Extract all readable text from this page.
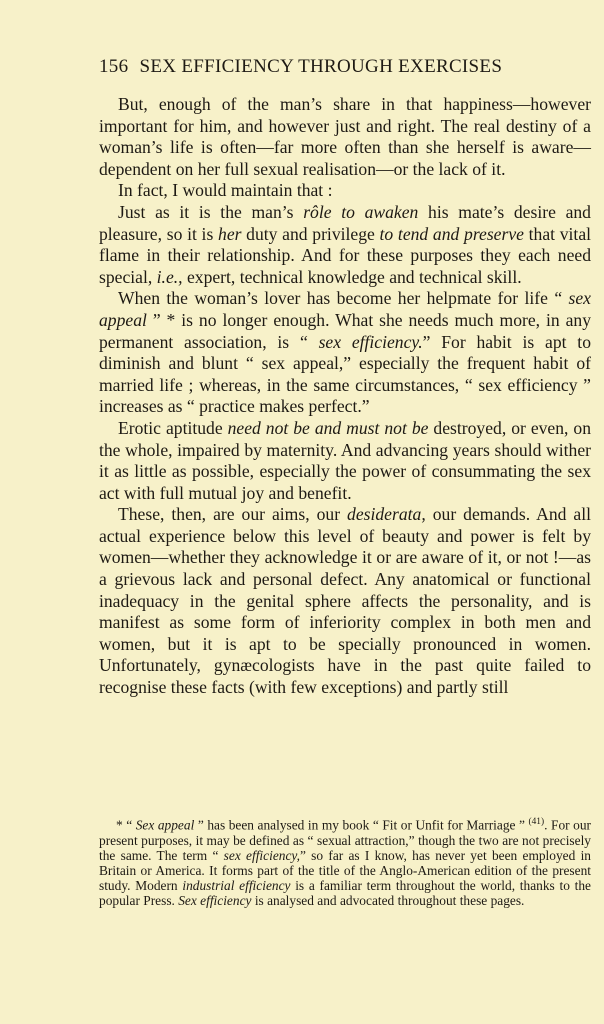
156 SEX EFFICIENCY THROUGH EXERCISES

But, enough of the man’s share in that happiness—however important for him, and however just and right. The real destiny of a woman’s life is often—far more often than she herself is aware—dependent on her full sexual realisation—or the lack of it.

In fact, I would maintain that :

Just as it is the man’s rôle to awaken his mate’s desire and pleasure, so it is her duty and privilege to tend and preserve that vital flame in their relationship. And for these purposes they each need special, i.e., expert, technical knowledge and technical skill.

When the woman’s lover has become her helpmate for life “ sex appeal ” * is no longer enough. What she needs much more, in any permanent association, is “ sex efficiency.” For habit is apt to diminish and blunt “ sex appeal,” especially the frequent habit of married life ; whereas, in the same circumstances, “ sex efficiency ” increases as “ practice makes perfect.”

Erotic aptitude need not be and must not be destroyed, or even, on the whole, impaired by maternity. And advancing years should wither it as little as possible, especially the power of consummating the sex act with full mutual joy and benefit.

These, then, are our aims, our desiderata, our demands. And all actual experience below this level of beauty and power is felt by women—whether they acknowledge it or are aware of it, or not !—as a grievous lack and personal defect. Any anatomical or functional inadequacy in the genital sphere affects the personality, and is manifest as some form of inferiority complex in both men and women, but it is apt to be specially pronounced in women. Unfortunately, gynæcologists have in the past quite failed to recognise these facts (with few exceptions) and partly still

* “ Sex appeal ” has been analysed in my book “ Fit or Unfit for Marriage ” $^{(41)}$. For our present purposes, it may be defined as “ sexual attraction,” though the two are not precisely the same. The term “ sex efficiency,” so far as I know, has never yet been employed in Britain or America. It forms part of the title of the Anglo-American edition of the present study. Modern industrial efficiency is a familiar term throughout the world, thanks to the popular Press. Sex efficiency is analysed and advocated throughout these pages.
